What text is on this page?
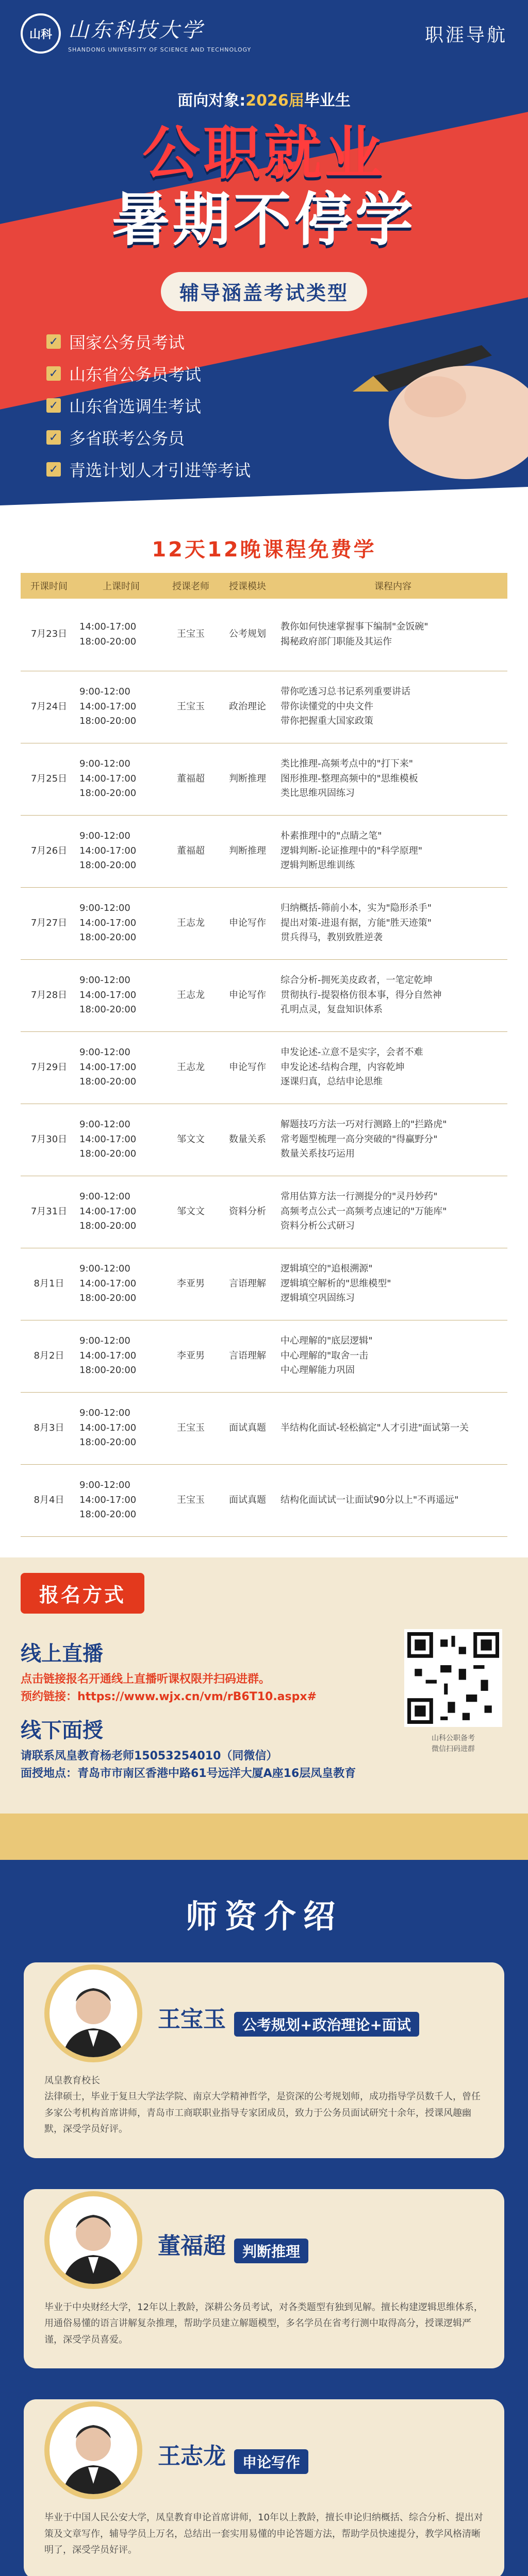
山科 山东科技大学
SHANDONG UNIVERSITY OF SCIENCE AND TECHNOLOGY
职涯导航
面向对象:2026届毕业生
公职就业
暑期不停学
辅导涵盖考试类型
✓ 国家公务员考试
✓ 山东省公务员考试
✓ 山东省选调生考试
✓ 多省联考公务员
✓ 青选计划人才引进等考试
12天12晚课程免费学
开课时间	上课时间	授课老师	授课模块	课程内容
7月23日	14:00-17:00
18:00-20:00	王宝玉	公考规划	教你如何快速掌握事下编制"金饭碗"
揭秘政府部门职能及其运作

7月24日	9:00-12:00
14:00-17:00
18:00-20:00	王宝玉	政治理论	带你吃透习总书记系列重要讲话
带你读懂党的中央文件
带你把握重大国家政策

7月25日	9:00-12:00
14:00-17:00
18:00-20:00	董福超	判断推理	类比推理-高频考点中的"打下来"
图形推理-整理高频中的"思维模板
类比思维巩固练习

7月26日	9:00-12:00
14:00-17:00
18:00-20:00	董福超	判断推理	朴素推理中的"点睛之笔"
逻辑判断-论证推理中的"科学原理"
逻辑判断思维训练

7月27日	9:00-12:00
14:00-17:00
18:00-20:00	王志龙	申论写作	归纳概括-筛前小本，实为"隐形杀手"
提出对策-进退有据，方能"胜天迹策"
贯兵得马，教别致胜逆袭

7月28日	9:00-12:00
14:00-17:00
18:00-20:00	王志龙	申论写作	综合分析-拥死美皮政者，一笔定乾坤
贯彻执行-提裂格仿很本事，得分自然神
孔明点灵，复盘知识体系

7月29日	9:00-12:00
14:00-17:00
18:00-20:00	王志龙	申论写作	申发论述-立意不是实字，会者不难
申发论述-结构合理，内容乾坤
逐课归真，总结申论思维

7月30日	9:00-12:00
14:00-17:00
18:00-20:00	邹文文	数量关系	解题技巧方法一巧对行测路上的"拦路虎"
常考题型梳理一高分突破的"得赢野分"
数量关系技巧运用

7月31日	9:00-12:00
14:00-17:00
18:00-20:00	邹文文	资料分析	常用估算方法一行测提分的"灵丹妙药"
高频考点公式一高频考点速记的"万能库"
资料分析公式研习

8月1日	9:00-12:00
14:00-17:00
18:00-20:00	李亚男	言语理解	逻辑填空的"追根溯源"
逻辑填空解析的"思维模型"
逻辑填空巩固练习

8月2日	9:00-12:00
14:00-17:00
18:00-20:00	李亚男	言语理解	中心理解的"底层逻辑"
中心理解的"取舍一击
中心理解能力巩固

8月3日	9:00-12:00
14:00-17:00
18:00-20:00	王宝玉	面试真题	半结构化面试-轻松搞定"人才引进"面试第一关

8月4日	9:00-12:00
14:00-17:00
18:00-20:00	王宝玉	面试真题	结构化面试试一让面试90分以上"不再遥远"
报名方式
线上直播
点击链接报名开通线上直播听课权限并扫码进群。
预约链接：https://www.wjx.cn/vm/rB6T10.aspx#
线下面授
请联系凤皇教育杨老师15053254010（同微信）
面授地点：青岛市市南区香港中路61号远洋大厦A座16层凤皇教育
山科公职备考
微信扫码进群
师资介绍
王宝玉 公考规划+政治理论+面试
凤皇教育校长
法律硕士，毕业于复旦大学法学院、南京大学精神哲学，是资深的公考规划师，成功指导学员数千人，曾任多家公考机构首席讲师，青岛市工商联职业指导专家团成员，致力于公务员面试研究十余年，授课风趣幽默，深受学员好评。
董福超 判断推理
毕业于中央财经大学，12年以上教龄，深耕公务员考试，对各类题型有独到见解。擅长构建逻辑思维体系，用通俗易懂的语言讲解复杂推理，帮助学员建立解题模型，多名学员在省考行测中取得高分，授课逻辑严谨，深受学员喜爱。
王志龙 申论写作
毕业于中国人民公安大学，凤皇教育申论首席讲师，10年以上教龄，擅长申论归纳概括、综合分析、提出对策及文章写作，辅导学员上万名，总结出一套实用易懂的申论答题方法，帮助学员快速提分，教学风格清晰明了，深受学员好评。
